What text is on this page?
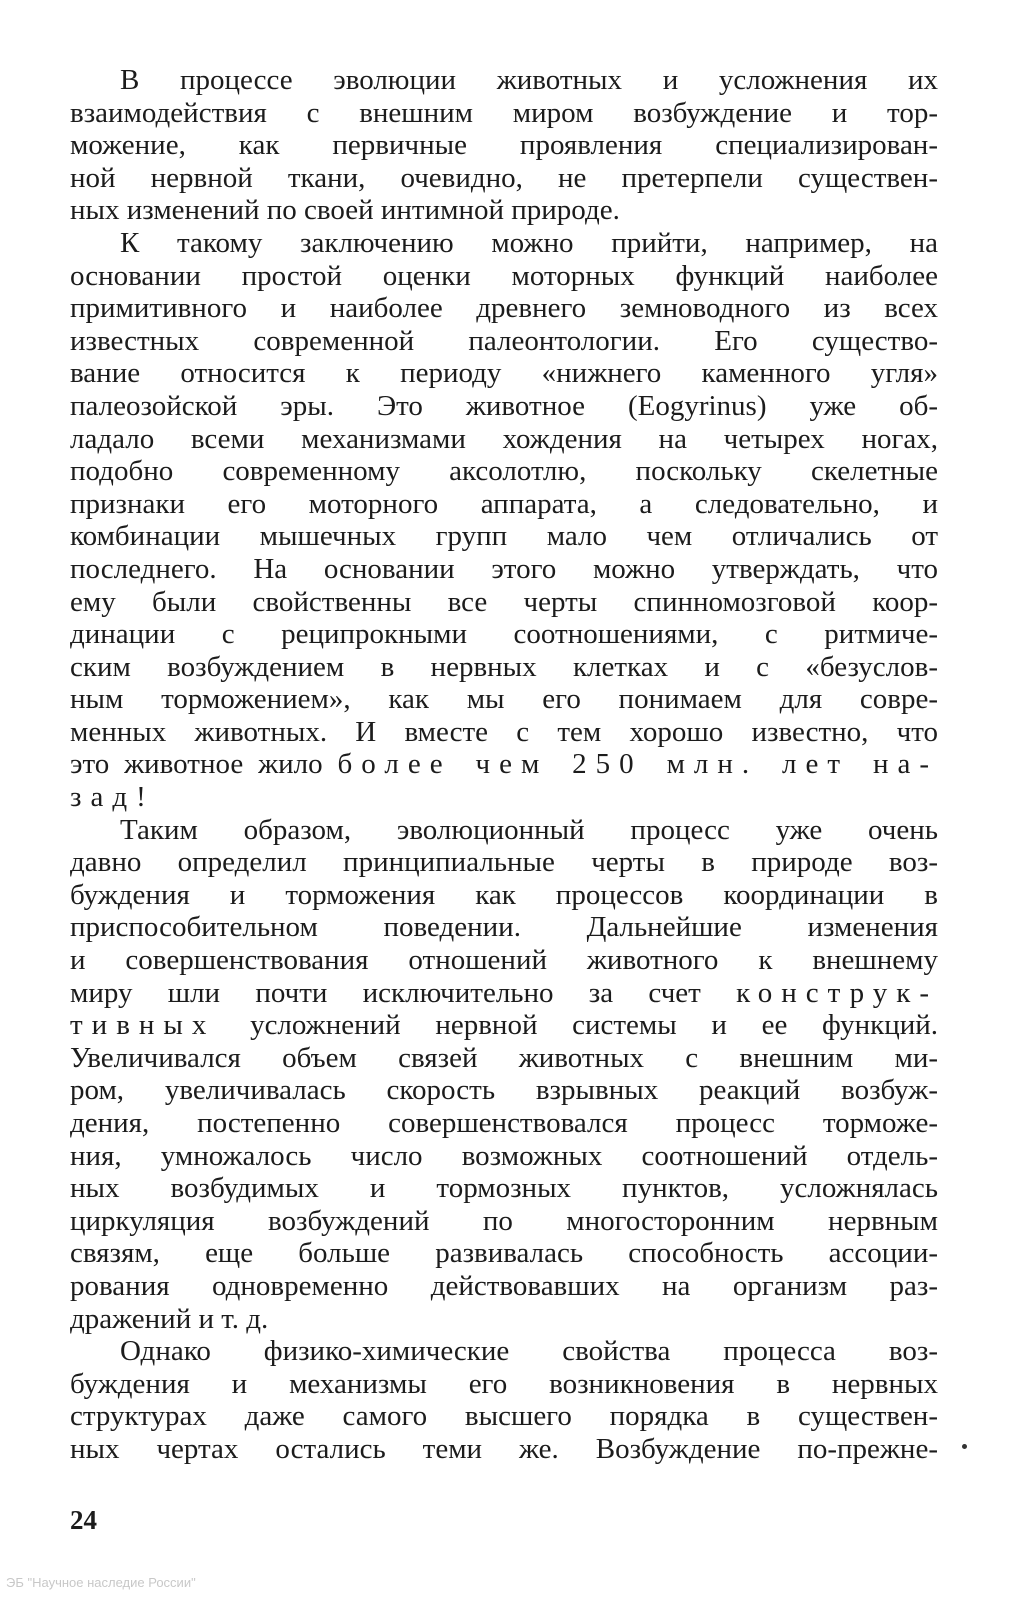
В процессе эволюции животных и усложнения их
взаимодействия с внешним миром возбуждение и тор-
можение, как первичные проявления специализирован-
ной нервной ткани, очевидно, не претерпели существен-
ных изменений по своей интимной природе.
К такому заключению можно прийти, например, на
основании простой оценки моторных функций наиболее
примитивного и наиболее древнего земноводного из всех
известных современной палеонтологии. Его существо-
вание относится к периоду «нижнего каменного угля»
палеозойской эры. Это животное (Eogyrinus) уже об-
ладало всеми механизмами хождения на четырех ногах,
подобно современному аксолотлю, поскольку скелетные
признаки его моторного аппарата, а следовательно, и
комбинации мышечных групп мало чем отличались от
последнего. На основании этого можно утверждать, что
ему были свойственны все черты спинномозговой коор-
динации с реципрокными соотношениями, с ритмиче-
ским возбуждением в нервных клетках и с «безуслов-
ным торможением», как мы его понимаем для совре-
менных животных. И вместе с тем хорошо известно, что
это животное жило более чем 250 млн. лет на-
зад!
Таким образом, эволюционный процесс уже очень
давно определил принципиальные черты в природе воз-
буждения и торможения как процессов координации в
приспособительном поведении. Дальнейшие изменения
и совершенствования отношений животного к внешнему
миру шли почти исключительно за счет конструк-
тивных усложнений нервной системы и ее функций.
Увеличивался объем связей животных с внешним ми-
ром, увеличивалась скорость взрывных реакций возбуж-
дения, постепенно совершенствовался процесс торможе-
ния, умножалось число возможных соотношений отдель-
ных возбудимых и тормозных пунктов, усложнялась
циркуляция возбуждений по многосторонним нервным
связям, еще больше развивалась способность ассоции-
рования одновременно действовавших на организм раз-
дражений и т. д.
Однако физико-химические свойства процесса воз-
буждения и механизмы его возникновения в нервных
структурах даже самого высшего порядка в существен-
ных чертах остались теми же. Возбуждение по-прежне-
24
ЭБ "Научное наследие России"
